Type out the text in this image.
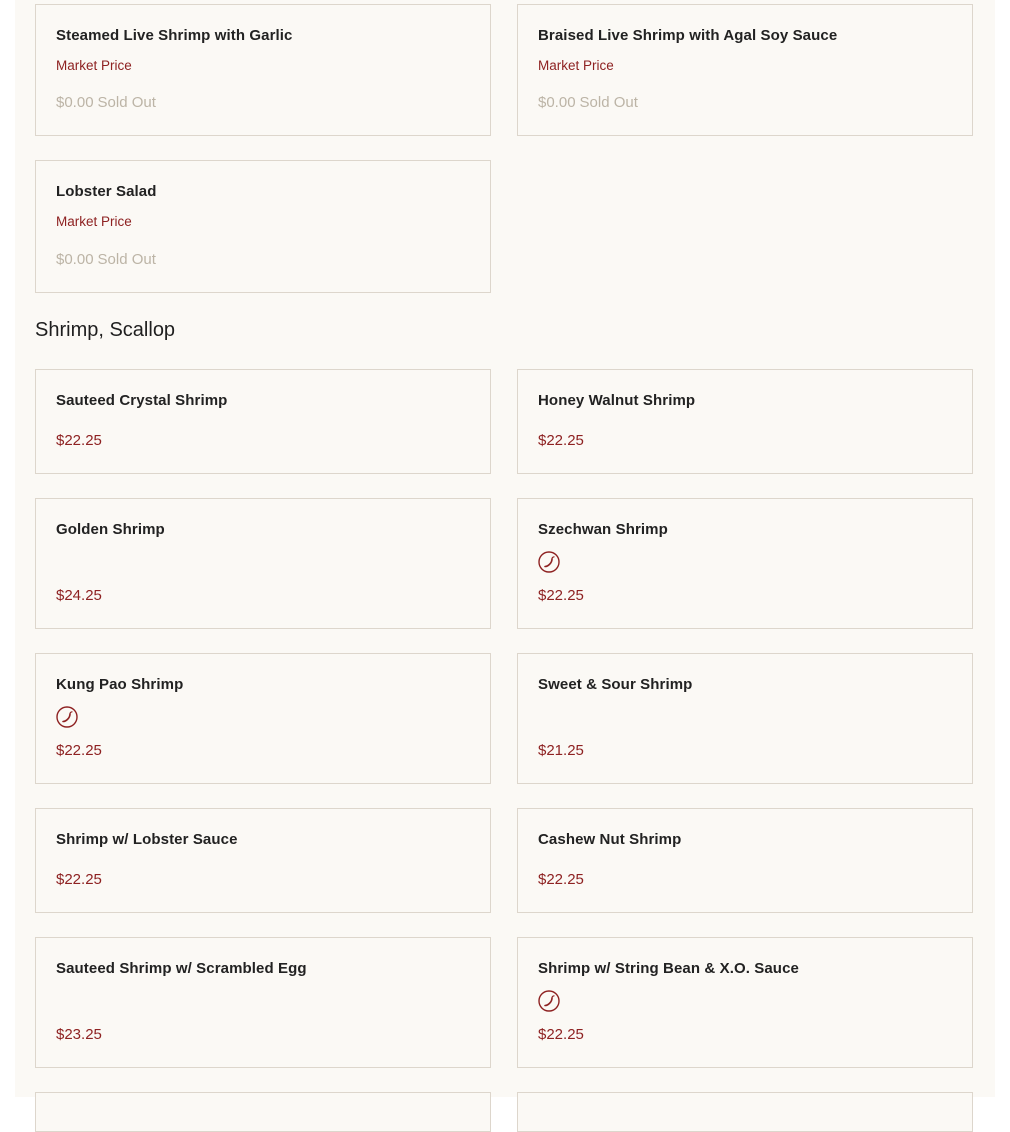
Steamed Live Shrimp with Garlic
Market Price
$0.00 Sold Out
Braised Live Shrimp with Agal Soy Sauce
Market Price
$0.00 Sold Out
Lobster Salad
Market Price
$0.00 Sold Out
Shrimp, Scallop
Sauteed Crystal Shrimp
$22.25
Honey Walnut Shrimp
$22.25
Golden Shrimp
$24.25
Szechwan Shrimp
$22.25
Kung Pao Shrimp
$22.25
Sweet & Sour Shrimp
$21.25
Shrimp w/ Lobster Sauce
$22.25
Cashew Nut Shrimp
$22.25
Sauteed Shrimp w/ Scrambled Egg
$23.25
Shrimp w/ String Bean & X.O. Sauce
$22.25
